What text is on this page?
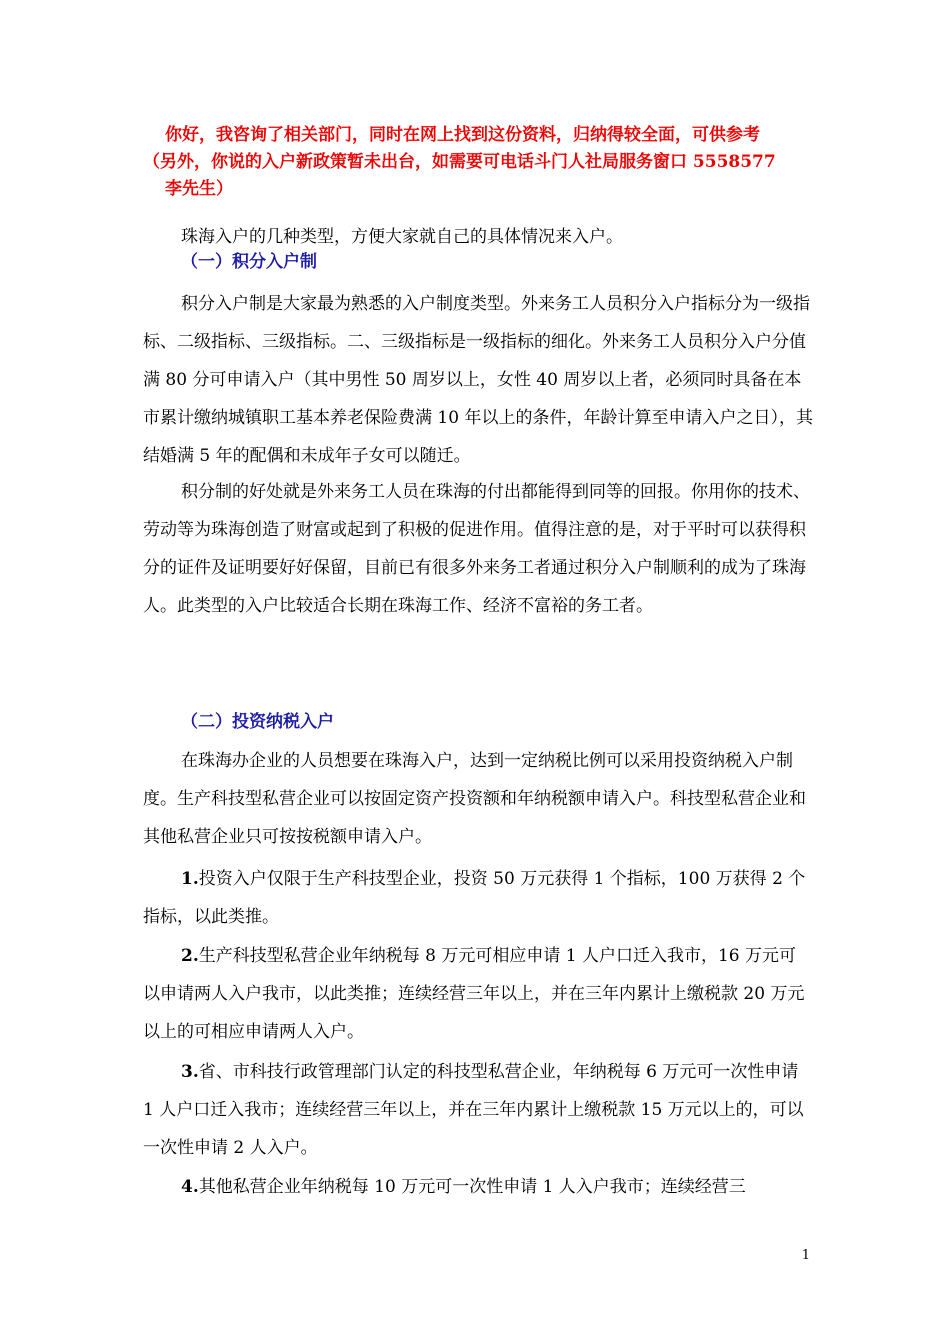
你好，我咨询了相关部门，同时在网上找到这份资料，归纳得较全面，可供参考

（另外，你说的入户新政策暂未出台，如需要可电话斗门人社局服务窗口 5558577

李先生）

珠海入户的几种类型，方便大家就自己的具体情况来入户。

（一）积分入户制

积分入户制是大家最为熟悉的入户制度类型。外来务工人员积分入户指标分为一级指标、二级指标、三级指标。二、三级指标是一级指标的细化。外来务工人员积分入户分值满 80 分可申请入户（其中男性 50 周岁以上，女性 40 周岁以上者，必须同时具备在本市累计缴纳城镇职工基本养老保险费满 10 年以上的条件，年龄计算至申请入户之日），其结婚满 5 年的配偶和未成年子女可以随迁。

积分制的好处就是外来务工人员在珠海的付出都能得到同等的回报。你用你的技术、劳动等为珠海创造了财富或起到了积极的促进作用。值得注意的是，对于平时可以获得积分的证件及证明要好好保留，目前已有很多外来务工者通过积分入户制顺利的成为了珠海人。此类型的入户比较适合长期在珠海工作、经济不富裕的务工者。

（二）投资纳税入户

在珠海办企业的人员想要在珠海入户，达到一定纳税比例可以采用投资纳税入户制度。生产科技型私营企业可以按固定资产投资额和年纳税额申请入户。科技型私营企业和其他私营企业只可按按税额申请入户。

1.投资入户仅限于生产科技型企业，投资 50 万元获得 1 个指标，100 万获得 2 个指标，以此类推。

2.生产科技型私营企业年纳税每 8 万元可相应申请 1 人户口迁入我市，16 万元可以申请两人入户我市，以此类推；连续经营三年以上，并在三年内累计上缴税款 20 万元以上的可相应申请两人入户。

3.省、市科技行政管理部门认定的科技型私营企业，年纳税每 6 万元可一次性申请 1 人户口迁入我市；连续经营三年以上，并在三年内累计上缴税款 15 万元以上的，可以一次性申请 2 人入户。

4.其他私营企业年纳税每 10 万元可一次性申请 1 人入户我市；连续经营三

1
